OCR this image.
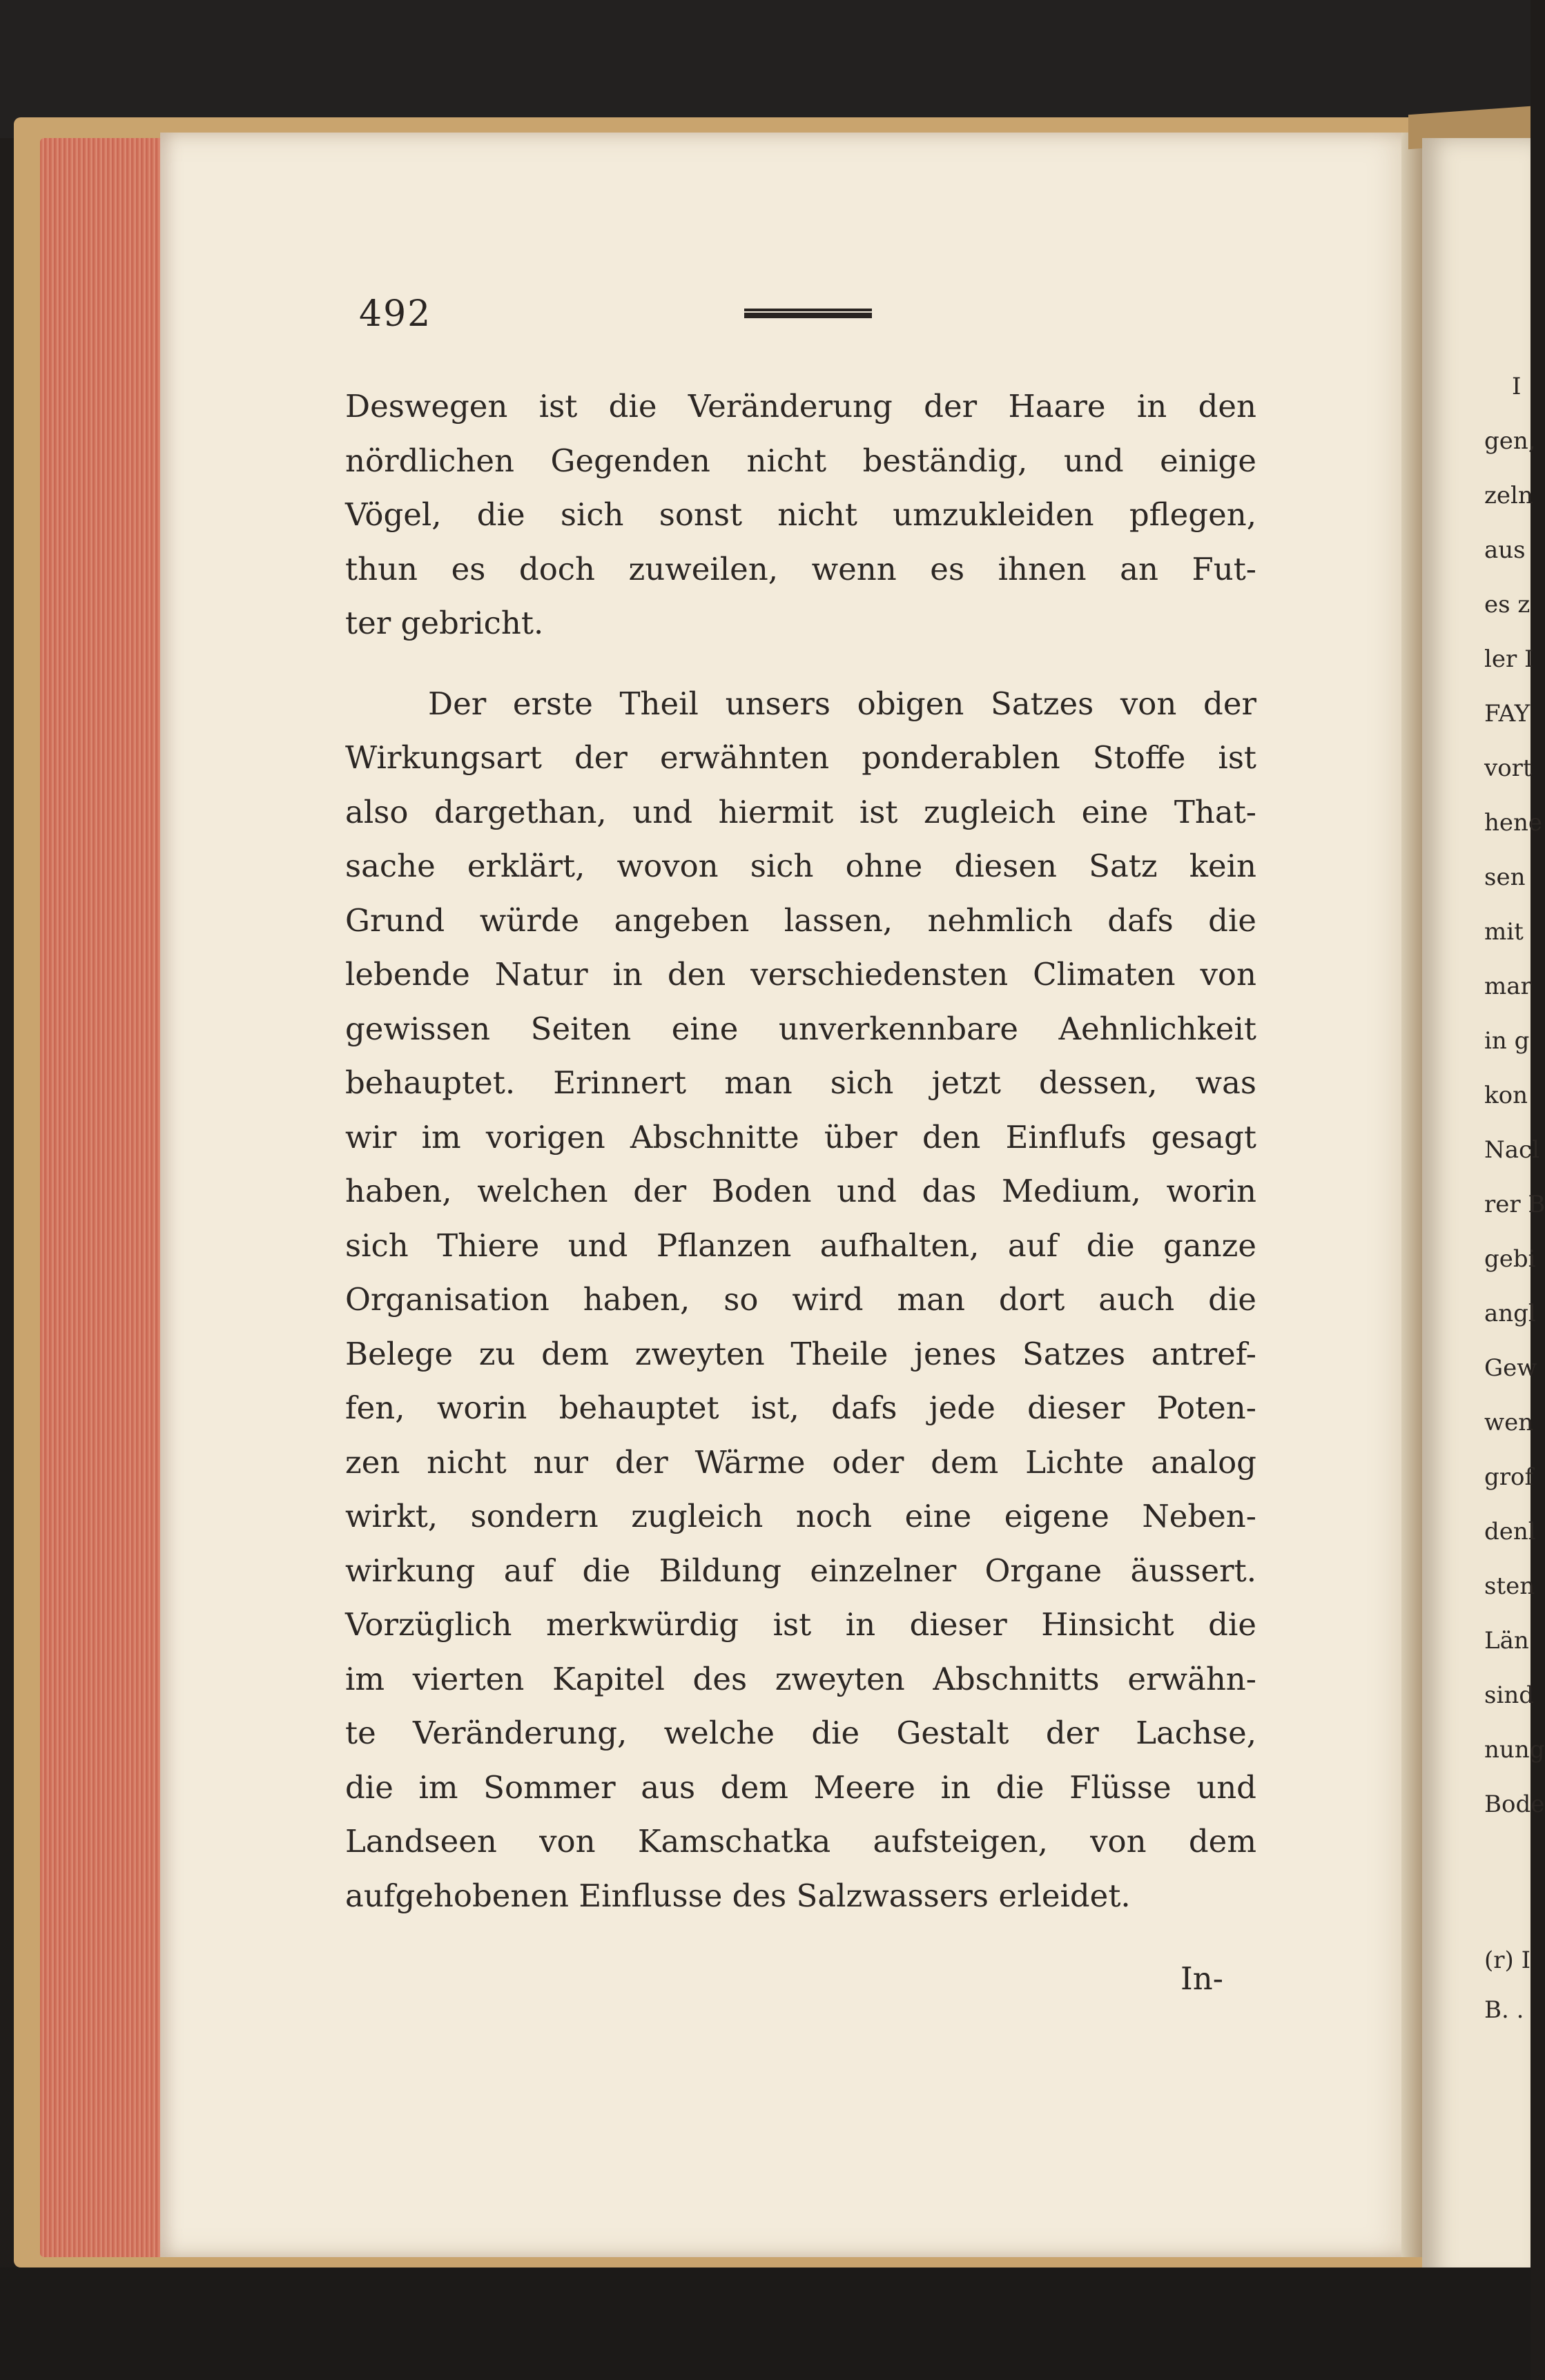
492
Deswegen ist die Veränderung der Haare in den
nördlichen Gegenden nicht beständig, und einige
Vögel, die sich sonst nicht umzukleiden pflegen,
thun es doch zuweilen, wenn es ihnen an Fut-
ter gebricht.
Der erste Theil unsers obigen Satzes von der
Wirkungsart der erwähnten ponderablen Stoffe ist
also dargethan, und hiermit ist zugleich eine That-
sache erklärt, wovon sich ohne diesen Satz kein
Grund würde angeben lassen, nehmlich dafs die
lebende Natur in den verschiedensten Climaten von
gewissen Seiten eine unverkennbare Aehnlichkeit
behauptet. Erinnert man sich jetzt dessen, was
wir im vorigen Abschnitte über den Einflufs gesagt
haben, welchen der Boden und das Medium, worin
sich Thiere und Pflanzen aufhalten, auf die ganze
Organisation haben, so wird man dort auch die
Belege zu dem zweyten Theile jenes Satzes antref-
fen, worin behauptet ist, dafs jede dieser Poten-
zen nicht nur der Wärme oder dem Lichte analog
wirkt, sondern zugleich noch eine eigene Neben-
wirkung auf die Bildung einzelner Organe äussert.
Vorzüglich merkwürdig ist in dieser Hinsicht die
im vierten Kapitel des zweyten Abschnitts erwähn-
te Veränderung, welche die Gestalt der Lachse,
die im Sommer aus dem Meere in die Flüsse und
Landseen von Kamschatka aufsteigen, von dem
aufgehobenen Einflusse des Salzwassers erleidet.
In-
I
gen,
zeln
aus
es z
ler I
FAY
vort
hene
sen
mit
mar
in g
kon
Nacl
rer B
gebi
angl
Gew
wen
grof
denl
sten
Län
sind
nung
Bode
(r) I
B. .
